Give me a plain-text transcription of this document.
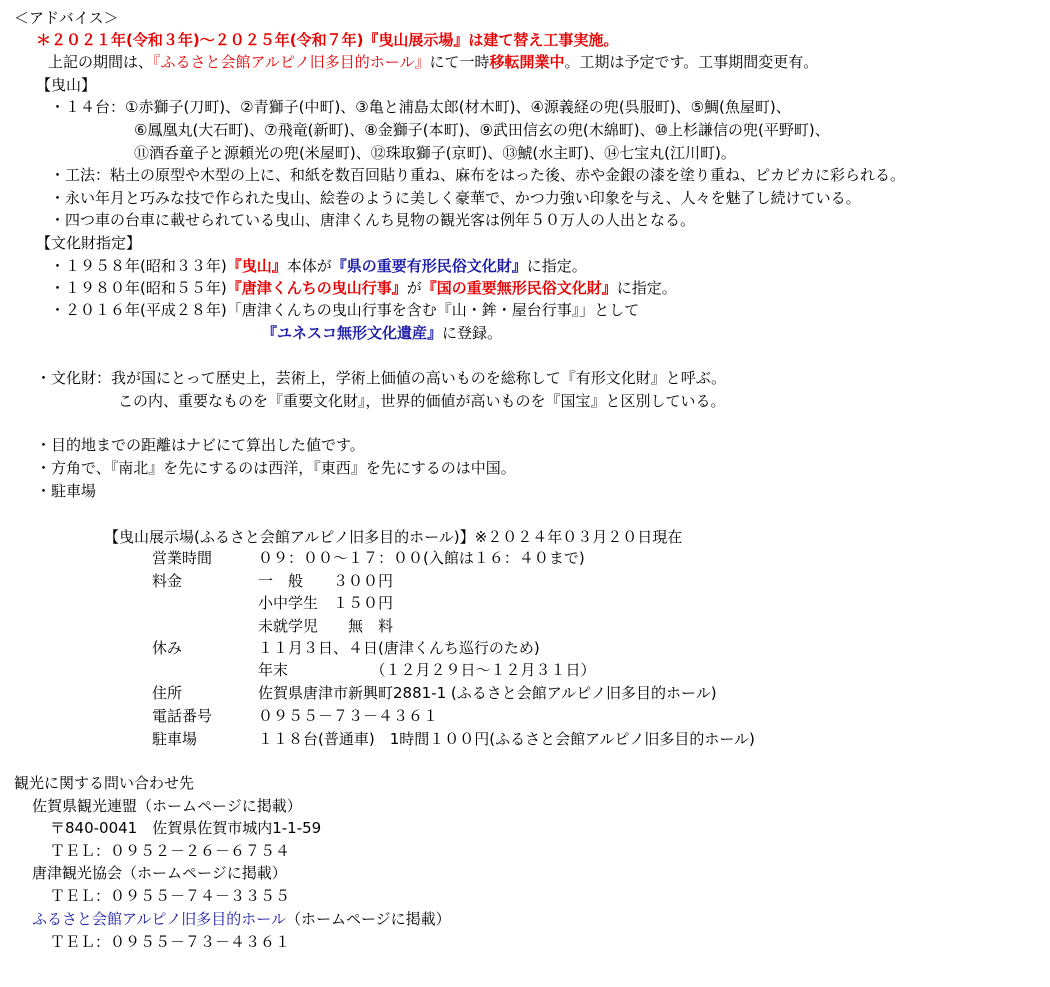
＜アドバイス＞
＊２０２１年(令和３年)～２０２５年(令和７年)『曳山展示場』は建て替え工事実施。
上記の期間は、『ふるさと会館アルピノ旧多目的ホール』にて一時移転開業中。工期は予定です。工事期間変更有。
【曳山】
・１４台：①赤獅子(刀町)、②青獅子(中町)、③亀と浦島太郎(材木町)、④源義経の兜(呉服町)、⑤鯛(魚屋町)、
⑥鳳凰丸(大石町)、⑦飛竜(新町)、⑧金獅子(本町)、⑨武田信玄の兜(木綿町)、⑩上杉謙信の兜(平野町)、
⑪酒呑童子と源頼光の兜(米屋町)、⑫珠取獅子(京町)、⑬鯱(水主町)、⑭七宝丸(江川町)。
・工法：粘土の原型や木型の上に、和紙を数百回貼り重ね、麻布をはった後、赤や金銀の漆を塗り重ね、ピカピカに彩られる。
・永い年月と巧みな技で作られた曳山、絵巻のように美しく豪華で、かつ力強い印象を与え、人々を魅了し続けている。
・四つ車の台車に載せられている曳山、唐津くんち見物の観光客は例年５０万人の人出となる。
【文化財指定】
・１９５８年(昭和３３年)『曳山』本体が『県の重要有形民俗文化財』に指定。
・１９８０年(昭和５５年)『唐津くんちの曳山行事』が『国の重要無形民俗文化財』に指定。
・２０１６年(平成２８年)「唐津くんちの曳山行事を含む『山・鉾・屋台行事』」として
『ユネスコ無形文化遺産』に登録。
・文化財：我が国にとって歴史上，芸術上，学術上価値の高いものを総称して『有形文化財』と呼ぶ。
この内、重要なものを『重要文化財』，世界的価値が高いものを『国宝』と区別している。
・目的地までの距離はナビにて算出した値です。
・方角で、『南北』を先にするのは西洋，『東西』を先にするのは中国。
・駐車場
【曳山展示場(ふるさと会館アルピノ旧多目的ホール)】※２０２４年０３月２０日現在
営業時間	０９：００～１７：００(入館は１６：４０まで)
料金	一　般　　３００円
小中学生　１５０円
未就学児　　無　料
休み	１１月３日、４日(唐津くんち巡行のため)
年末　　　　　　（１２月２９日～１２月３１日）
住所	佐賀県唐津市新興町2881-1 (ふるさと会館アルピノ旧多目的ホール)
電話番号	０９５５－７３－４３６１
駐車場	１１８台(普通車)　1時間１００円(ふるさと会館アルピノ旧多目的ホール)
観光に関する問い合わせ先
佐賀県観光連盟（ホームページに掲載）
〒840-0041　佐賀県佐賀市城内1-1-59
ＴＥＬ：０９５２－２６－６７５４
唐津観光協会（ホームページに掲載）
ＴＥＬ：０９５５－７４－３３５５
ふるさと会館アルピノ旧多目的ホール（ホームページに掲載）
ＴＥＬ：０９５５－７３－４３６１
